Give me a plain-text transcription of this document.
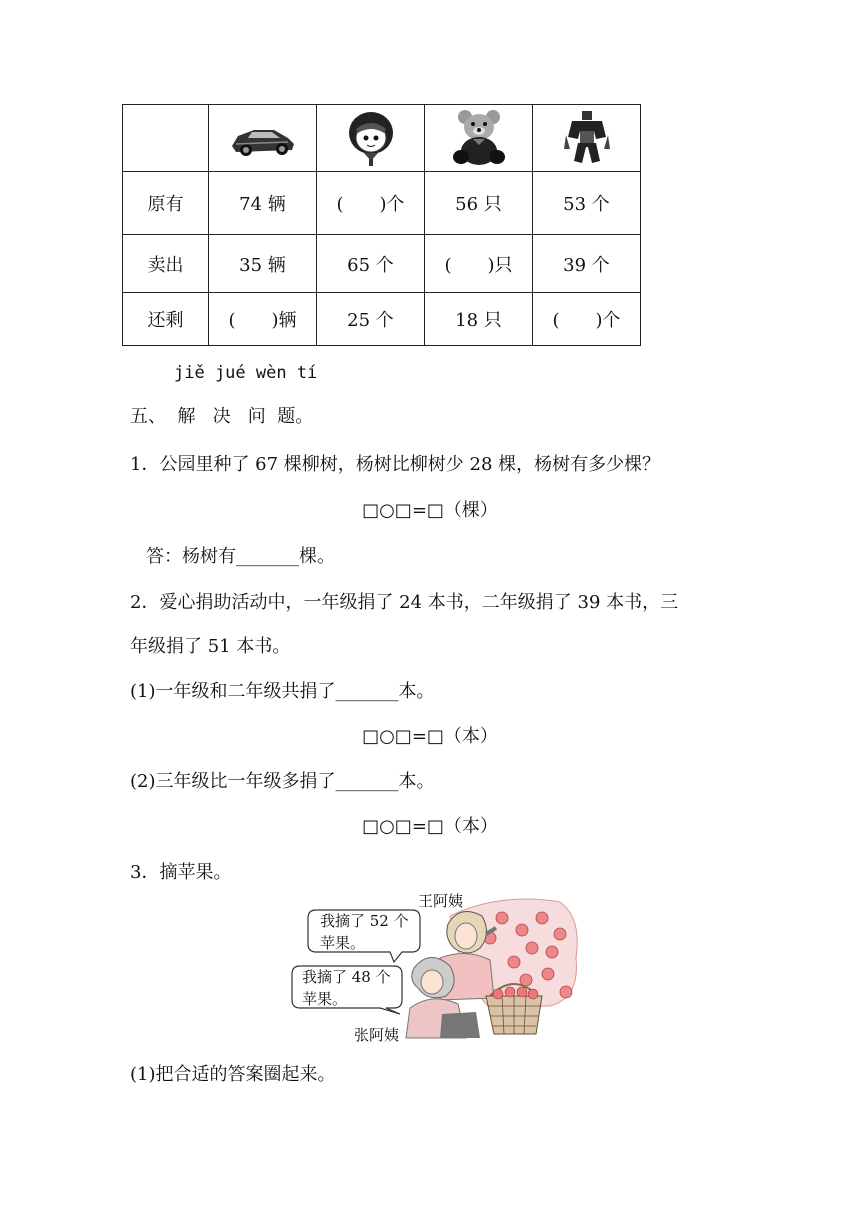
原有	74 辆	(　　)个	56 只	53 个
卖出	35 辆	65 个	(　　)只	39 个
还剩	(　　)辆	25 个	18 只	(　　)个
jiě jué wèn tí
五、  解   决   问  题。
1．公园里种了 67 棵柳树，杨树比柳树少 28 棵，杨树有多少棵？
□○□=□（棵）
答：杨树有_______棵。
2．爱心捐助活动中，一年级捐了 24 本书，二年级捐了 39 本书，三
年级捐了 51 本书。
(1)一年级和二年级共捐了_______本。
□○□=□（本）
(2)三年级比一年级多捐了_______本。
□○□=□（本）
3．摘苹果。
王阿姨
张阿姨
我摘了 52 个
苹果。
我摘了 48 个
苹果。
(1)把合适的答案圈起来。
